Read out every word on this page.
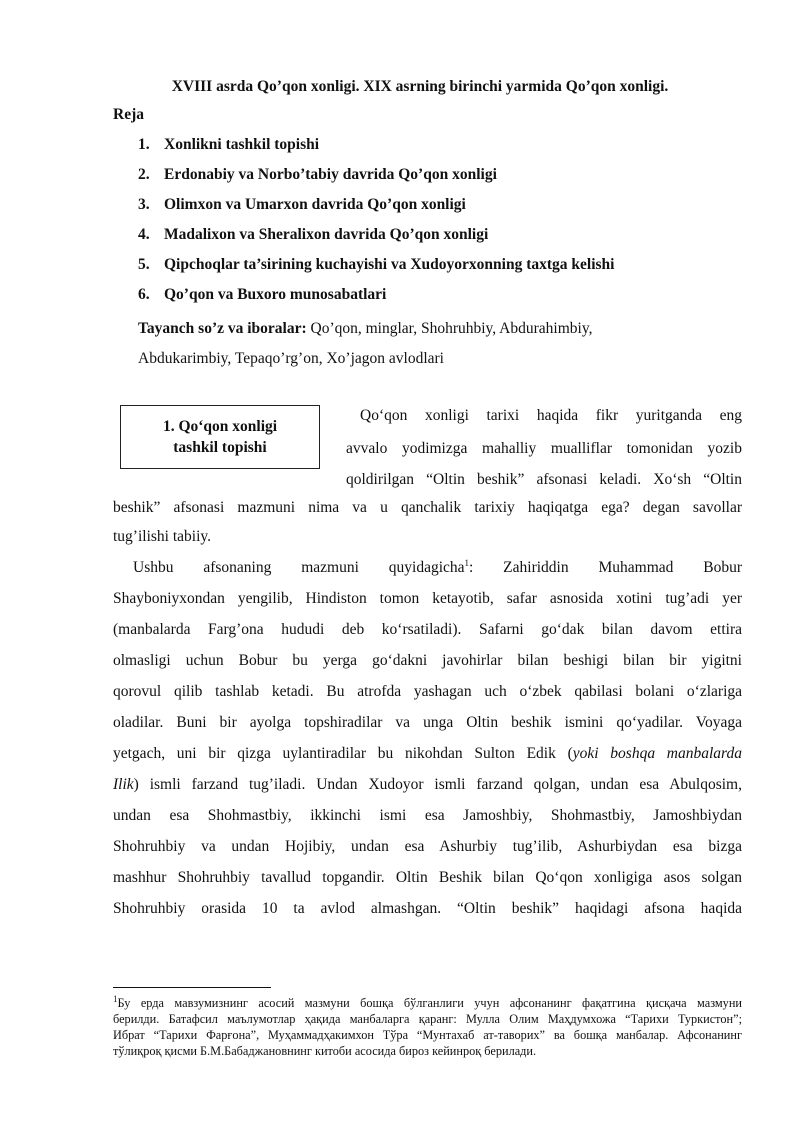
XVIII asrda Qo’qon xonligi. XIX asrning birinchi yarmida Qo’qon xonligi.
Reja
1. Xonlikni tashkil topishi
2. Erdonabiy va Norbo’tabiy davrida Qo’qon xonligi
3. Olimxon va Umarxon davrida Qo’qon xonligi
4. Madalixon va Sheralixon davrida Qo’qon xonligi
5. Qipchoqlar ta’sirining kuchayishi va Xudoyorxonning taxtga kelishi
6. Qo’qon va Buxoro munosabatlari
Tayanch so’z va iboralar: Qo’qon, minglar, Shohruhbiy, Abdurahimbiy,
Abdukarimbiy, Tepaqo’rg’on, Xo’jagon avlodlari
1. Qo‘qon xonligi
tashkil topishi
Qo‘qon xonligi tarixi haqida fikr yuritganda eng
avvalo yodimizga mahalliy mualliflar tomonidan yozib
qoldirilgan “Oltin beshik” afsonasi keladi. Xo‘sh “Oltin
beshik” afsonasi mazmuni nima va u qanchalik tarixiy haqiqatga ega? degan savollar
tug’ilishi tabiiy.
Ushbu afsonaning mazmuni quyidagicha$^1$: Zahiriddin Muhammad Bobur
Shayboniyxondan yengilib, Hindiston tomon ketayotib, safar asnosida xotini tug’adi yer
(manbalarda Farg’ona hududi deb ko‘rsatiladi). Safarni go‘dak bilan davom ettira
olmasligi uchun Bobur bu yerga go‘dakni javohirlar bilan beshigi bilan bir yigitni
qorovul qilib tashlab ketadi. Bu atrofda yashagan uch o‘zbek qabilasi bolani o‘zlariga
oladilar. Buni bir ayolga topshiradilar va unga Oltin beshik ismini qo‘yadilar. Voyaga
yetgach, uni bir qizga uylantiradilar bu nikohdan Sulton Edik (yoki boshqa manbalarda
Ilik) ismli farzand tug’iladi. Undan Xudoyor ismli farzand qolgan, undan esa Abulqosim,
undan esa Shohmastbiy, ikkinchi ismi esa Jamoshbiy, Shohmastbiy, Jamoshbiydan
Shohruhbiy va undan Hojibiy, undan esa Ashurbiy tug’ilib, Ashurbiydan esa bizga
mashhur Shohruhbiy tavallud topgandir. Oltin Beshik bilan Qo‘qon xonligiga asos solgan
Shohruhbiy orasida 10 ta avlod almashgan. “Oltin beshik” haqidagi afsona haqida
$^1$Бу ерда мавзумизнинг асосий мазмуни бошқа бўлганлиги учун афсонанинг фақатгина қисқача мазмуни
берилди. Батафсил маълумотлар ҳақида манбаларга қаранг: Мулла Олим Маҳдумхожа “Тарихи Туркистон”;
Ибрат “Тарихи Фарғона”, Муҳаммадҳакимхон Тўра “Мунтахаб ат-таворих” ва бошқа манбалар. Афсонанинг
тўлиқроқ қисми Б.М.Бабаджановнинг китоби асосида бироз кейинроқ берилади.
